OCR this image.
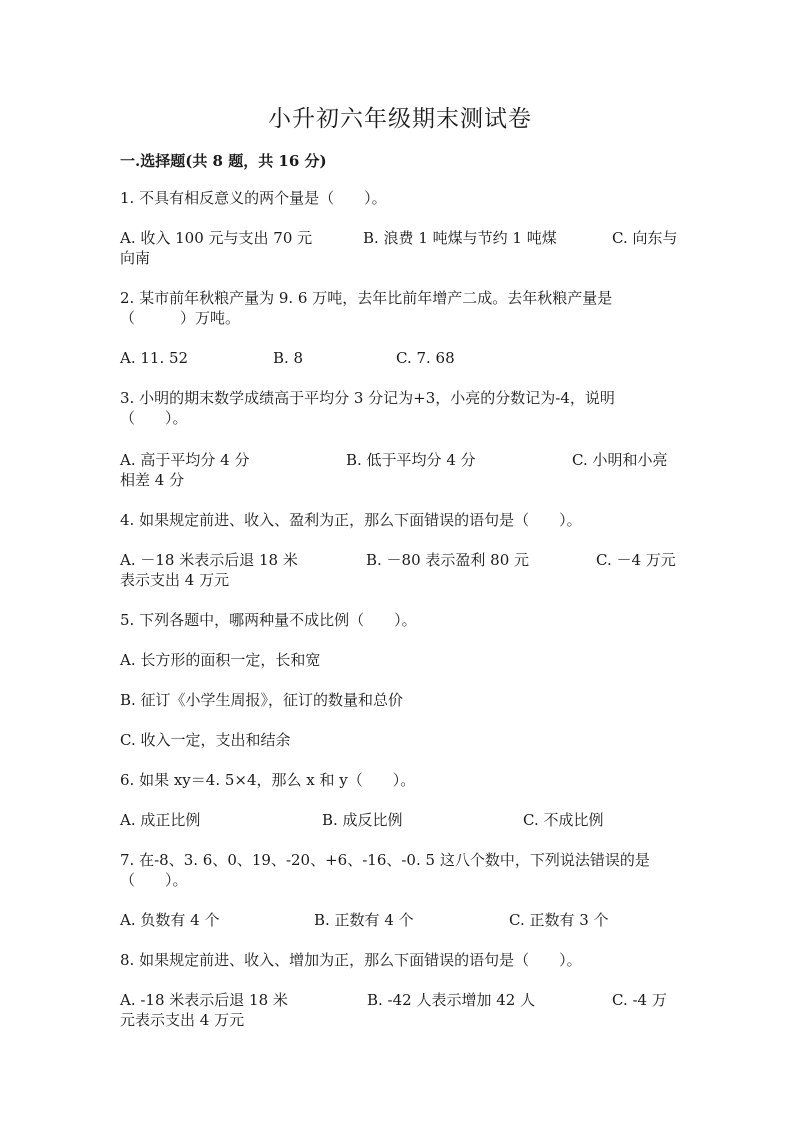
小升初六年级期末测试卷
一.选择题(共 8 题，共 16 分)
1. 不具有相反意义的两个量是（　　）。
A. 收入 100 元与支出 70 元	B. 浪费 1 吨煤与节约 1 吨煤	C. 向东与
向南
2. 某市前年秋粮产量为 9. 6 万吨，去年比前年增产二成。去年秋粮产量是
（　　　）万吨。
A. 11. 52	B. 8	C. 7. 68
3. 小明的期末数学成绩高于平均分 3 分记为+3，小亮的分数记为-4，说明
（　　）。
A. 高于平均分 4 分	B. 低于平均分 4 分	C. 小明和小亮
相差 4 分
4. 如果规定前进、收入、盈利为正，那么下面错误的语句是（　　）。
A. －18 米表示后退 18 米	B. －80 表示盈利 80 元	C. －4 万元
表示支出 4 万元
5. 下列各题中，哪两种量不成比例（　　）。
A. 长方形的面积一定，长和宽
B. 征订《小学生周报》，征订的数量和总价
C. 收入一定，支出和结余
6. 如果 xy＝4. 5×4，那么 x 和 y（　　）。
A. 成正比例	B. 成反比例	C. 不成比例
7. 在-8、3. 6、0、19、-20、+6、-16、-0. 5 这八个数中，下列说法错误的是
（　　）。
A. 负数有 4 个	B. 正数有 4 个	C. 正数有 3 个
8. 如果规定前进、收入、增加为正，那么下面错误的语句是（　　）。
A. -18 米表示后退 18 米	B. -42 人表示增加 42 人	C. -4 万
元表示支出 4 万元
